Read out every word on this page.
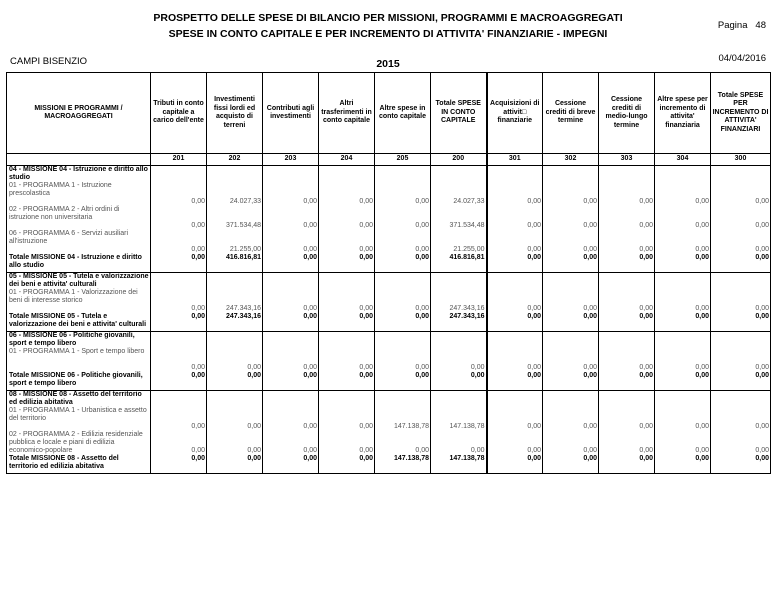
PROSPETTO DELLE SPESE DI BILANCIO PER MISSIONI, PROGRAMMI E MACROAGGREGATI
SPESE IN CONTO CAPITALE E PER INCREMENTO DI ATTIVITA' FINANZIARIE - IMPEGNI
Pagina 48
CAMPI BISENZIO	2015	04/04/2016
MISSIONI E PROGRAMMI / MACROAGGREGATI	Tributi in conto capitale a carico dell'ente	Investimenti fissi lordi ed acquisto di terreni	Contributi agli investimenti	Altri trasferimenti in conto capitale	Altre spese in conto capitale	Totale SPESE IN CONTO CAPITALE	Acquisizioni di attivit□ finanziarie	Cessione crediti di breve termine	Cessione crediti di medio-lungo termine	Altre spese per incremento di attivita' finanziaria	Totale SPESE PER INCREMENTO DI ATTIVITA' FINANZIARI
	201	202	203	204	205	200	301	302	303	304	300
04 - MISSIONE 04 - Istruzione e diritto allo studio											
01 - PROGRAMMA 1 - Istruzione prescolastica	0,00	24.027,33	0,00	0,00	0,00	24.027,33	0,00	0,00	0,00	0,00	0,00
02 - PROGRAMMA 2 - Altri ordini di istruzione non universitaria	0,00	371.534,48	0,00	0,00	0,00	371.534,48	0,00	0,00	0,00	0,00	0,00
06 - PROGRAMMA 6 - Servizi ausiliari all'istruzione	0,00	21.255,00	0,00	0,00	0,00	21.255,00	0,00	0,00	0,00	0,00	0,00
Totale MISSIONE 04 - Istruzione e diritto allo studio	0,00	416.816,81	0,00	0,00	0,00	416.816,81	0,00	0,00	0,00	0,00	0,00
05 - MISSIONE 05 - Tutela e valorizzazione dei beni e attivita' culturali											
01 - PROGRAMMA 1 - Valorizzazione dei beni di interesse storico	0,00	247.343,16	0,00	0,00	0,00	247.343,16	0,00	0,00	0,00	0,00	0,00
Totale MISSIONE 05 - Tutela e valorizzazione dei beni e attivita' culturali	0,00	247.343,16	0,00	0,00	0,00	247.343,16	0,00	0,00	0,00	0,00	0,00
06 - MISSIONE 06 - Politiche giovanili, sport e tempo libero											
01 - PROGRAMMA 1 - Sport e tempo libero	0,00	0,00	0,00	0,00	0,00	0,00	0,00	0,00	0,00	0,00	0,00
Totale MISSIONE 06 - Politiche giovanili, sport e tempo libero	0,00	0,00	0,00	0,00	0,00	0,00	0,00	0,00	0,00	0,00	0,00
08 - MISSIONE 08 - Assetto del territorio ed edilizia abitativa											
01 - PROGRAMMA 1 - Urbanistica e assetto del territorio	0,00	0,00	0,00	0,00	147.138,78	147.138,78	0,00	0,00	0,00	0,00	0,00
02 - PROGRAMMA 2 - Edilizia residenziale pubblica e locale e piani di edilizia economico-popolare	0,00	0,00	0,00	0,00	0,00	0,00	0,00	0,00	0,00	0,00	0,00
Totale MISSIONE 08 - Assetto del territorio ed edilizia abitativa	0,00	0,00	0,00	0,00	147.138,78	147.138,78	0,00	0,00	0,00	0,00	0,00
